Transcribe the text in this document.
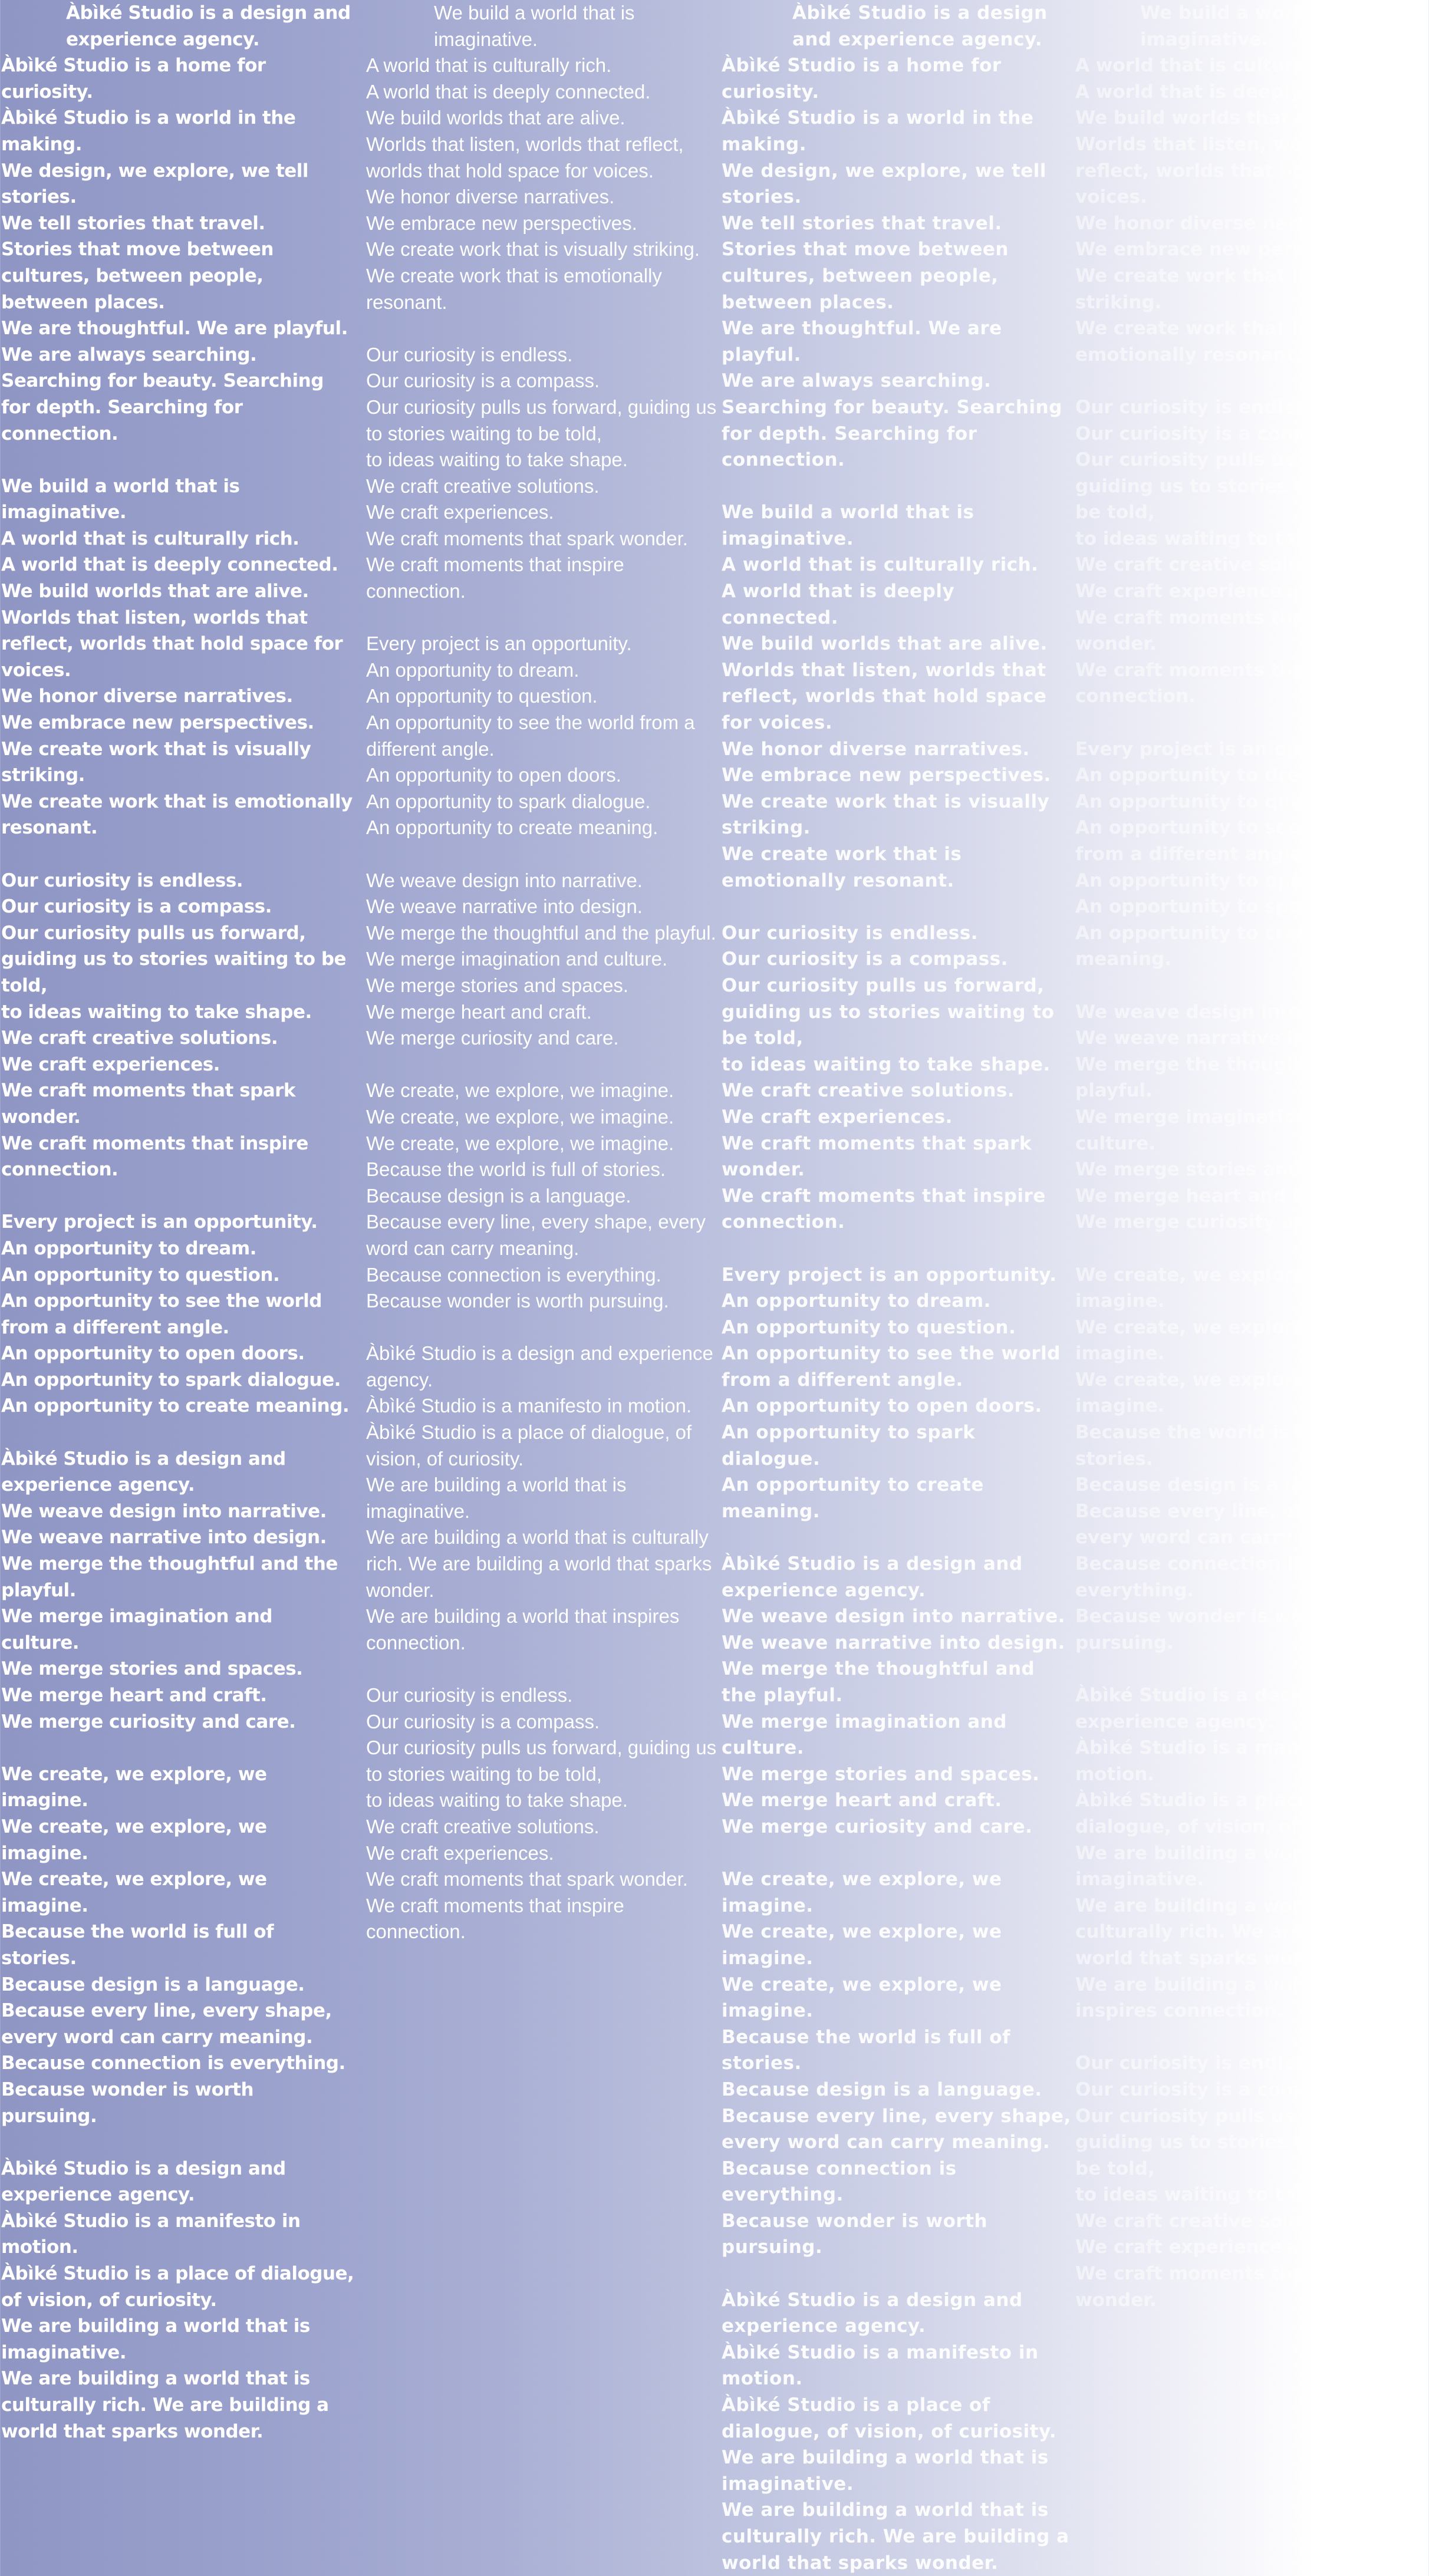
Àbìké Studio is a design and experience agency.
Àbìké Studio is a home for curiosity.
Àbìké Studio is a world in the making.
We design, we explore, we tell stories.
We tell stories that travel.
Stories that move between cultures, between people, between places.
We are thoughtful. We are playful.
We are always searching.
Searching for beauty. Searching for depth. Searching for connection.
We build a world that is imaginative.
A world that is culturally rich.
A world that is deeply connected.
We build worlds that are alive.
Worlds that listen, worlds that reflect, worlds that hold space for voices.
We honor diverse narratives.
We embrace new perspectives.
We create work that is visually striking.
We create work that is emotionally resonant.
Our curiosity is endless.
Our curiosity is a compass.
Our curiosity pulls us forward, guiding us to stories waiting to be told,
to ideas waiting to take shape.
We craft creative solutions.
We craft experiences.
We craft moments that spark wonder.
We craft moments that inspire connection.
Every project is an opportunity.
An opportunity to dream.
An opportunity to question.
An opportunity to see the world from a different angle.
An opportunity to open doors.
An opportunity to spark dialogue.
An opportunity to create meaning.
Àbìké Studio is a design and experience agency.
We weave design into narrative.
We weave narrative into design.
We merge the thoughtful and the playful.
We merge imagination and culture.
We merge stories and spaces.
We merge heart and craft.
We merge curiosity and care.
We create, we explore, we imagine.
We create, we explore, we imagine.
We create, we explore, we imagine.
Because the world is full of stories.
Because design is a language.
Because every line, every shape, every word can carry meaning.
Because connection is everything.
Because wonder is worth pursuing.
Àbìké Studio is a design and experience agency.
Àbìké Studio is a manifesto in motion.
Àbìké Studio is a place of dialogue, of vision, of curiosity.
We are building a world that is imaginative.
We are building a world that is culturally rich. We are building a world that sparks wonder.
We build a world that is imaginative.
A world that is culturally rich.
A world that is deeply connected.
We build worlds that are alive.
Worlds that listen, worlds that reflect, worlds that hold space for voices.
We honor diverse narratives.
We embrace new perspectives.
We create work that is visually striking.
We create work that is emotionally resonant.
Our curiosity is endless.
Our curiosity is a compass.
Our curiosity pulls us forward, guiding us to stories waiting to be told,
to ideas waiting to take shape.
We craft creative solutions.
We craft experiences.
We craft moments that spark wonder.
We craft moments that inspire connection.
Every project is an opportunity.
An opportunity to dream.
An opportunity to question.
An opportunity to see the world from a different angle.
An opportunity to open doors.
An opportunity to spark dialogue.
An opportunity to create meaning.
We weave design into narrative.
We weave narrative into design.
We merge the thoughtful and the playful.
We merge imagination and culture.
We merge stories and spaces.
We merge heart and craft.
We merge curiosity and care.
We create, we explore, we imagine.
We create, we explore, we imagine.
We create, we explore, we imagine.
Because the world is full of stories.
Because design is a language.
Because every line, every shape, every word can carry meaning.
Because connection is everything.
Because wonder is worth pursuing.
Àbìké Studio is a design and experience agency.
Àbìké Studio is a manifesto in motion.
Àbìké Studio is a place of dialogue, of vision, of curiosity.
We are building a world that is imaginative.
We are building a world that is culturally rich. We are building a world that sparks wonder.
We are building a world that inspires connection.
Our curiosity is endless.
Our curiosity is a compass.
Our curiosity pulls us forward, guiding us to stories waiting to be told,
to ideas waiting to take shape.
We craft creative solutions.
We craft experiences.
We craft moments that spark wonder.
We craft moments that inspire connection.
Àbìké Studio is a design and experience agency.
Àbìké Studio is a home for curiosity.
Àbìké Studio is a world in the making.
We design, we explore, we tell stories.
We tell stories that travel.
Stories that move between cultures, between people, between places.
We are thoughtful. We are playful.
We are always searching.
Searching for beauty. Searching for depth. Searching for connection.
We build a world that is imaginative.
A world that is culturally rich.
A world that is deeply connected.
We build worlds that are alive.
Worlds that listen, worlds that reflect, worlds that hold space for voices.
We honor diverse narratives.
We embrace new perspectives.
We create work that is visually striking.
We create work that is emotionally resonant.
Our curiosity is endless.
Our curiosity is a compass.
Our curiosity pulls us forward, guiding us to stories waiting to be told,
to ideas waiting to take shape.
We craft creative solutions.
We craft experiences.
We craft moments that spark wonder.
We craft moments that inspire connection.
Every project is an opportunity.
An opportunity to dream.
An opportunity to question.
An opportunity to see the world from a different angle.
An opportunity to open doors.
An opportunity to spark dialogue.
An opportunity to create meaning.
Àbìké Studio is a design and experience agency.
We weave design into narrative.
We weave narrative into design.
We merge the thoughtful and the playful.
We merge imagination and culture.
We merge stories and spaces.
We merge heart and craft.
We merge curiosity and care.
We create, we explore, we imagine.
We create, we explore, we imagine.
We create, we explore, we imagine.
Because the world is full of stories.
Because design is a language.
Because every line, every shape, every word can carry meaning.
Because connection is everything.
Because wonder is worth pursuing.
Àbìké Studio is a design and experience agency.
Àbìké Studio is a manifesto in motion.
Àbìké Studio is a place of dialogue, of vision, of curiosity.
We are building a world that is imaginative.
We are building a world that is culturally rich. We are building a world that sparks wonder.
We build a world that is imaginative.
A world that is culturally rich.
A world that is deeply connected.
We build worlds that are alive.
Worlds that listen, worlds that reflect, worlds that hold space for voices.
We honor diverse narratives.
We embrace new perspectives.
We create work that is visually striking.
We create work that is emotionally resonant.
Our curiosity is endless.
Our curiosity is a compass.
Our curiosity pulls us forward, guiding us to stories waiting to be told,
to ideas waiting to take shape.
We craft creative solutions.
We craft experiences.
We craft moments that spark wonder.
We craft moments that inspire connection.
Every project is an opportunity.
An opportunity to dream.
An opportunity to question.
An opportunity to see the world from a different angle.
An opportunity to open doors.
An opportunity to spark dialogue.
An opportunity to create meaning.
We weave design into narrative.
We weave narrative into design.
We merge the thoughtful and the playful.
We merge imagination and culture.
We merge stories and spaces.
We merge heart and craft.
We merge curiosity and care.
We create, we explore, we imagine.
We create, we explore, we imagine.
We create, we explore, we imagine.
Because the world is full of stories.
Because design is a language.
Because every line, every shape, every word can carry meaning.
Because connection is everything.
Because wonder is worth pursuing.
Àbìké Studio is a design and experience agency.
Àbìké Studio is a manifesto in motion.
Àbìké Studio is a place of dialogue, of vision, of curiosity.
We are building a world that is imaginative.
We are building a world that is culturally rich. We are building a world that sparks wonder.
We are building a world that inspires connection.
Our curiosity is endless.
Our curiosity is a compass.
Our curiosity pulls us forward, guiding us to stories waiting to be told,
to ideas waiting to take shape.
We craft creative solutions.
We craft experiences.
We craft moments that spark wonder.
